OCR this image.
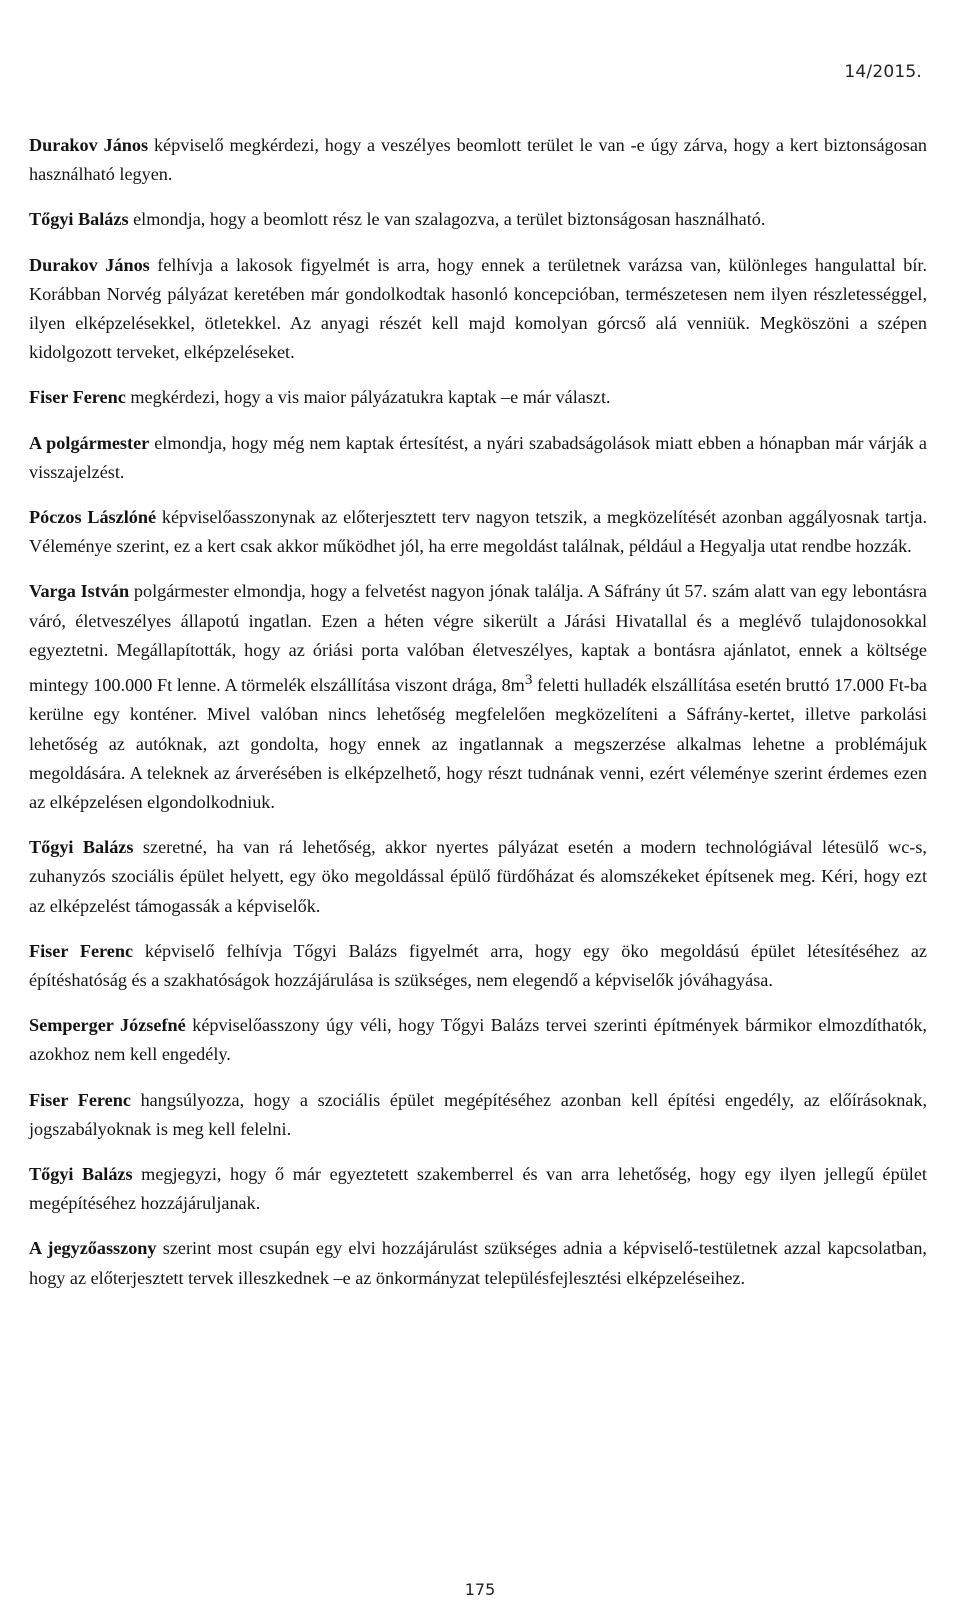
14/2015.

Durakov János képviselő megkérdezi, hogy a veszélyes beomlott terület le van -e úgy zárva, hogy a kert biztonságosan használható legyen.

Tőgyi Balázs elmondja, hogy a beomlott rész le van szalagozva, a terület biztonságosan használható.

Durakov János felhívja a lakosok figyelmét is arra, hogy ennek a területnek varázsa van, különleges hangulattal bír. Korábban Norvég pályázat keretében már gondolkodtak hasonló koncepcióban, természetesen nem ilyen részletességgel, ilyen elképzelésekkel, ötletekkel. Az anyagi részét kell majd komolyan górcső alá venniük. Megköszöni a szépen kidolgozott terveket, elképzeléseket.

Fiser Ferenc megkérdezi, hogy a vis maior pályázatukra kaptak –e már választ.

A polgármester elmondja, hogy még nem kaptak értesítést, a nyári szabadságolások miatt ebben a hónapban már várják a visszajelzést.

Póczos Lászlóné képviselőasszonynak az előterjesztett terv nagyon tetszik, a megközelítését azonban aggályosnak tartja. Véleménye szerint, ez a kert csak akkor működhet jól, ha erre megoldást találnak, például a Hegyalja utat rendbe hozzák.

Varga István polgármester elmondja, hogy a felvetést nagyon jónak találja. A Sáfrány út 57. szám alatt van egy lebontásra váró, életveszélyes állapotú ingatlan. Ezen a héten végre sikerült a Járási Hivatallal és a meglévő tulajdonosokkal egyeztetni. Megállapították, hogy az óriási porta valóban életveszélyes, kaptak a bontásra ajánlatot, ennek a költsége mintegy 100.000 Ft lenne. A törmelék elszállítása viszont drága, $8m^3$ feletti hulladék elszállítása esetén bruttó 17.000 Ft-ba kerülne egy konténer. Mivel valóban nincs lehetőség megfelelően megközelíteni a Sáfrány-kertet, illetve parkolási lehetőség az autóknak, azt gondolta, hogy ennek az ingatlannak a megszerzése alkalmas lehetne a problémájuk megoldására. A teleknek az árverésében is elképzelhető, hogy részt tudnának venni, ezért véleménye szerint érdemes ezen az elképzelésen elgondolkodniuk.

Tőgyi Balázs szeretné, ha van rá lehetőség, akkor nyertes pályázat esetén a modern technológiával létesülő wc-s, zuhanyzós szociális épület helyett, egy öko megoldással épülő fürdőházat és alomszékeket építsenek meg. Kéri, hogy ezt az elképzelést támogassák a képviselők.

Fiser Ferenc képviselő felhívja Tőgyi Balázs figyelmét arra, hogy egy öko megoldású épület létesítéséhez az építéshatóság és a szakhatóságok hozzájárulása is szükséges, nem elegendő a képviselők jóváhagyása.

Semperger Józsefné képviselőasszony úgy véli, hogy Tőgyi Balázs tervei szerinti építmények bármikor elmozdíthatók, azokhoz nem kell engedély.

Fiser Ferenc hangsúlyozza, hogy a szociális épület megépítéséhez azonban kell építési engedély, az előírásoknak, jogszabályoknak is meg kell felelni.

Tőgyi Balázs megjegyzi, hogy ő már egyeztetett szakemberrel és van arra lehetőség, hogy egy ilyen jellegű épület megépítéséhez hozzájáruljanak.

A jegyzőasszony szerint most csupán egy elvi hozzájárulást szükséges adnia a képviselő-testületnek azzal kapcsolatban, hogy az előterjesztett tervek illeszkednek –e az önkormányzat településfejlesztési elképzeléseihez.

175
